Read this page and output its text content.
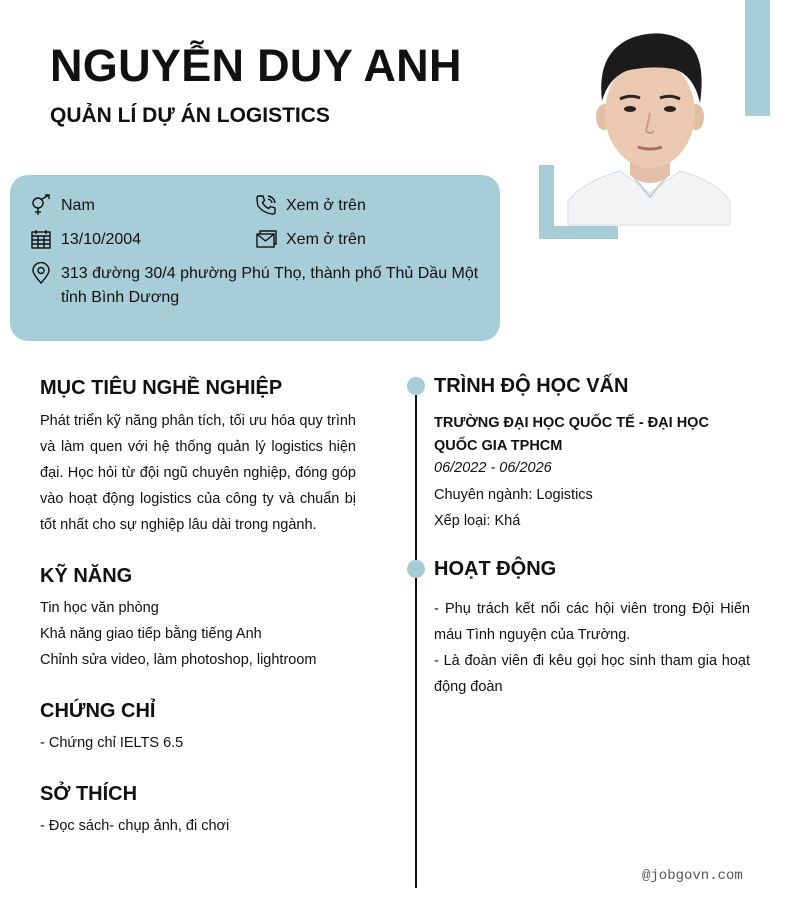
NGUYỄN DUY ANH
QUẢN LÍ DỰ ÁN LOGISTICS
Nam	Xem ở trên
13/10/2004	Xem ở trên
313 đường 30/4 phường Phú Thọ, thành phố Thủ Dầu Một
tỉnh Bình Dương
MỤC TIÊU NGHỀ NGHIỆP
Phát triển kỹ năng phân tích, tối ưu hóa quy trình và làm quen với hệ thống quản lý logistics hiện đại. Học hỏi từ đội ngũ chuyên nghiệp, đóng góp vào hoạt động logistics của công ty và chuẩn bị tốt nhất cho sự nghiệp lâu dài trong ngành.
KỸ NĂNG
Tin học văn phòng
Khả năng giao tiếp bằng tiếng Anh
Chỉnh sửa video, làm photoshop, lightroom
CHỨNG CHỈ
- Chứng chỉ IELTS 6.5
SỞ THÍCH
- Đọc sách- chụp ảnh, đi chơi
TRÌNH ĐỘ HỌC VẤN
TRƯỜNG ĐẠI HỌC QUỐC TẾ - ĐẠI HỌC QUỐC GIA TPHCM
06/2022 - 06/2026
Chuyên ngành: Logistics
Xếp loại: Khá
HOẠT ĐỘNG
- Phụ trách kết nối các hội viên trong Đội Hiến máu Tình nguyện của Trường.
- Là đoàn viên đi kêu gọi học sinh tham gia hoạt động đoàn
@jobgovn.com
